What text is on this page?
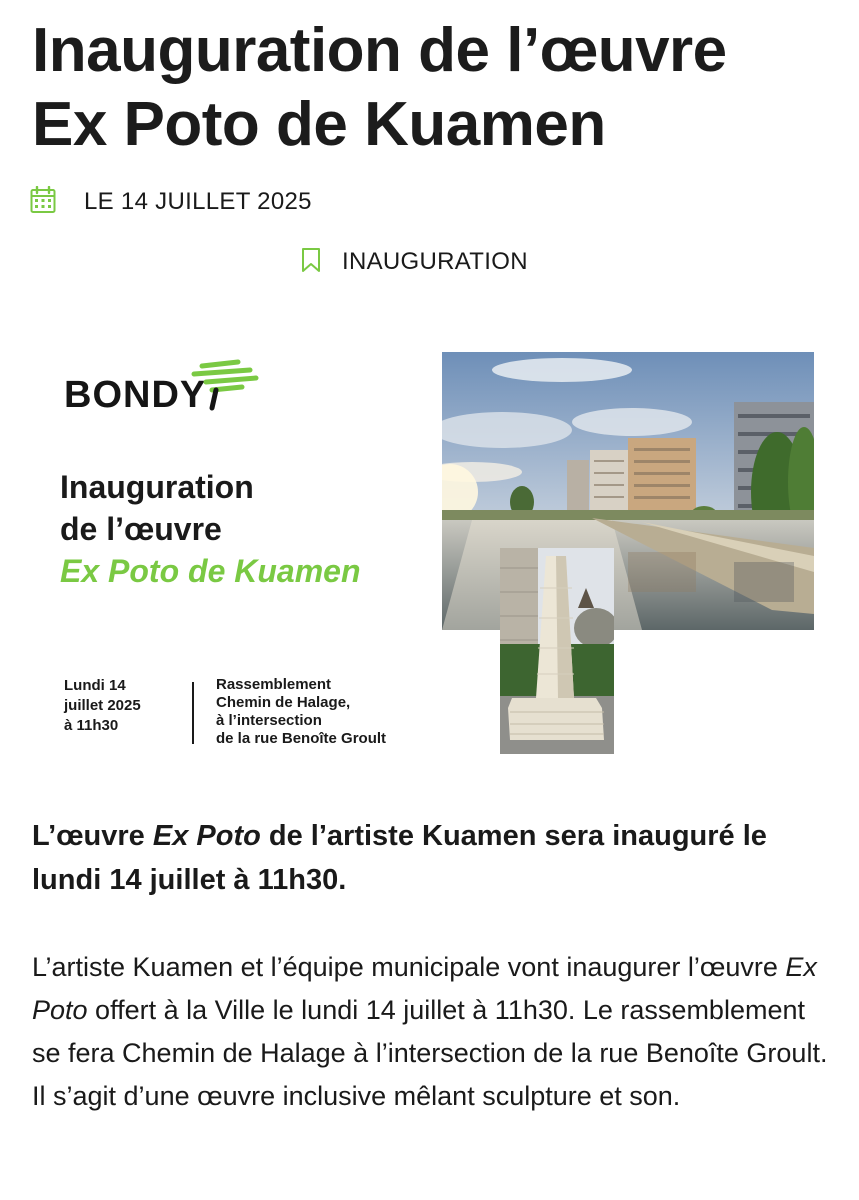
Inauguration de l’œuvre
Ex Poto de Kuamen
LE 14 JUILLET 2025
INAUGURATION
BONDY
Inauguration
de l’œuvre
Ex Poto de Kuamen
Lundi 14
juillet 2025
à 11h30
Rassemblement
Chemin de Halage,
à l’intersection
de la rue Benoîte Groult

L’œuvre Ex Poto de l’artiste Kuamen sera inauguré le lundi 14 juillet à 11h30.

L’artiste Kuamen et l’équipe municipale vont inaugurer l’œuvre Ex Poto offert à la Ville le lundi 14 juillet à 11h30. Le rassemblement se fera Chemin de Halage à l’intersection de la rue Benoîte Groult. Il s’agit d’une œuvre inclusive mêlant sculpture et son.
